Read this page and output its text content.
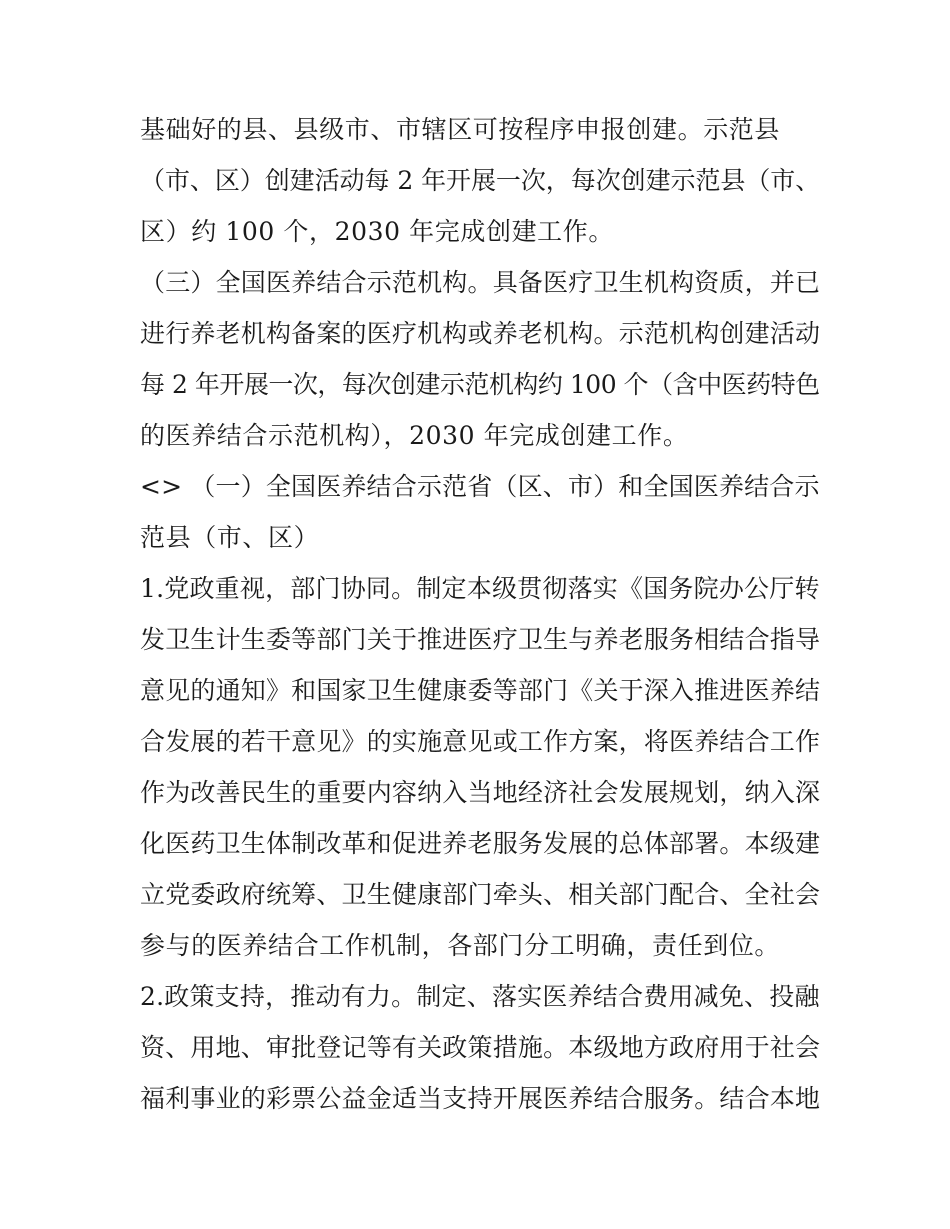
基础好的县、县级市、市辖区可按程序申报创建。示范县
（市、区）创建活动每 2 年开展一次，每次创建示范县（市、
区）约 100 个，2030 年完成创建工作。
（三）全国医养结合示范机构。具备医疗卫生机构资质，并已
进行养老机构备案的医疗机构或养老机构。示范机构创建活动
每 2 年开展一次，每次创建示范机构约 100 个（含中医药特色
的医养结合示范机构），2030 年完成创建工作。
<> （一）全国医养结合示范省（区、市）和全国医养结合示
范县（市、区）
1.党政重视，部门协同。制定本级贯彻落实《国务院办公厅转
发卫生计生委等部门关于推进医疗卫生与养老服务相结合指导
意见的通知》和国家卫生健康委等部门《关于深入推进医养结
合发展的若干意见》的实施意见或工作方案，将医养结合工作
作为改善民生的重要内容纳入当地经济社会发展规划，纳入深
化医药卫生体制改革和促进养老服务发展的总体部署。本级建
立党委政府统筹、卫生健康部门牵头、相关部门配合、全社会
参与的医养结合工作机制，各部门分工明确，责任到位。
2.政策支持，推动有力。制定、落实医养结合费用减免、投融
资、用地、审批登记等有关政策措施。本级地方政府用于社会
福利事业的彩票公益金适当支持开展医养结合服务。结合本地
